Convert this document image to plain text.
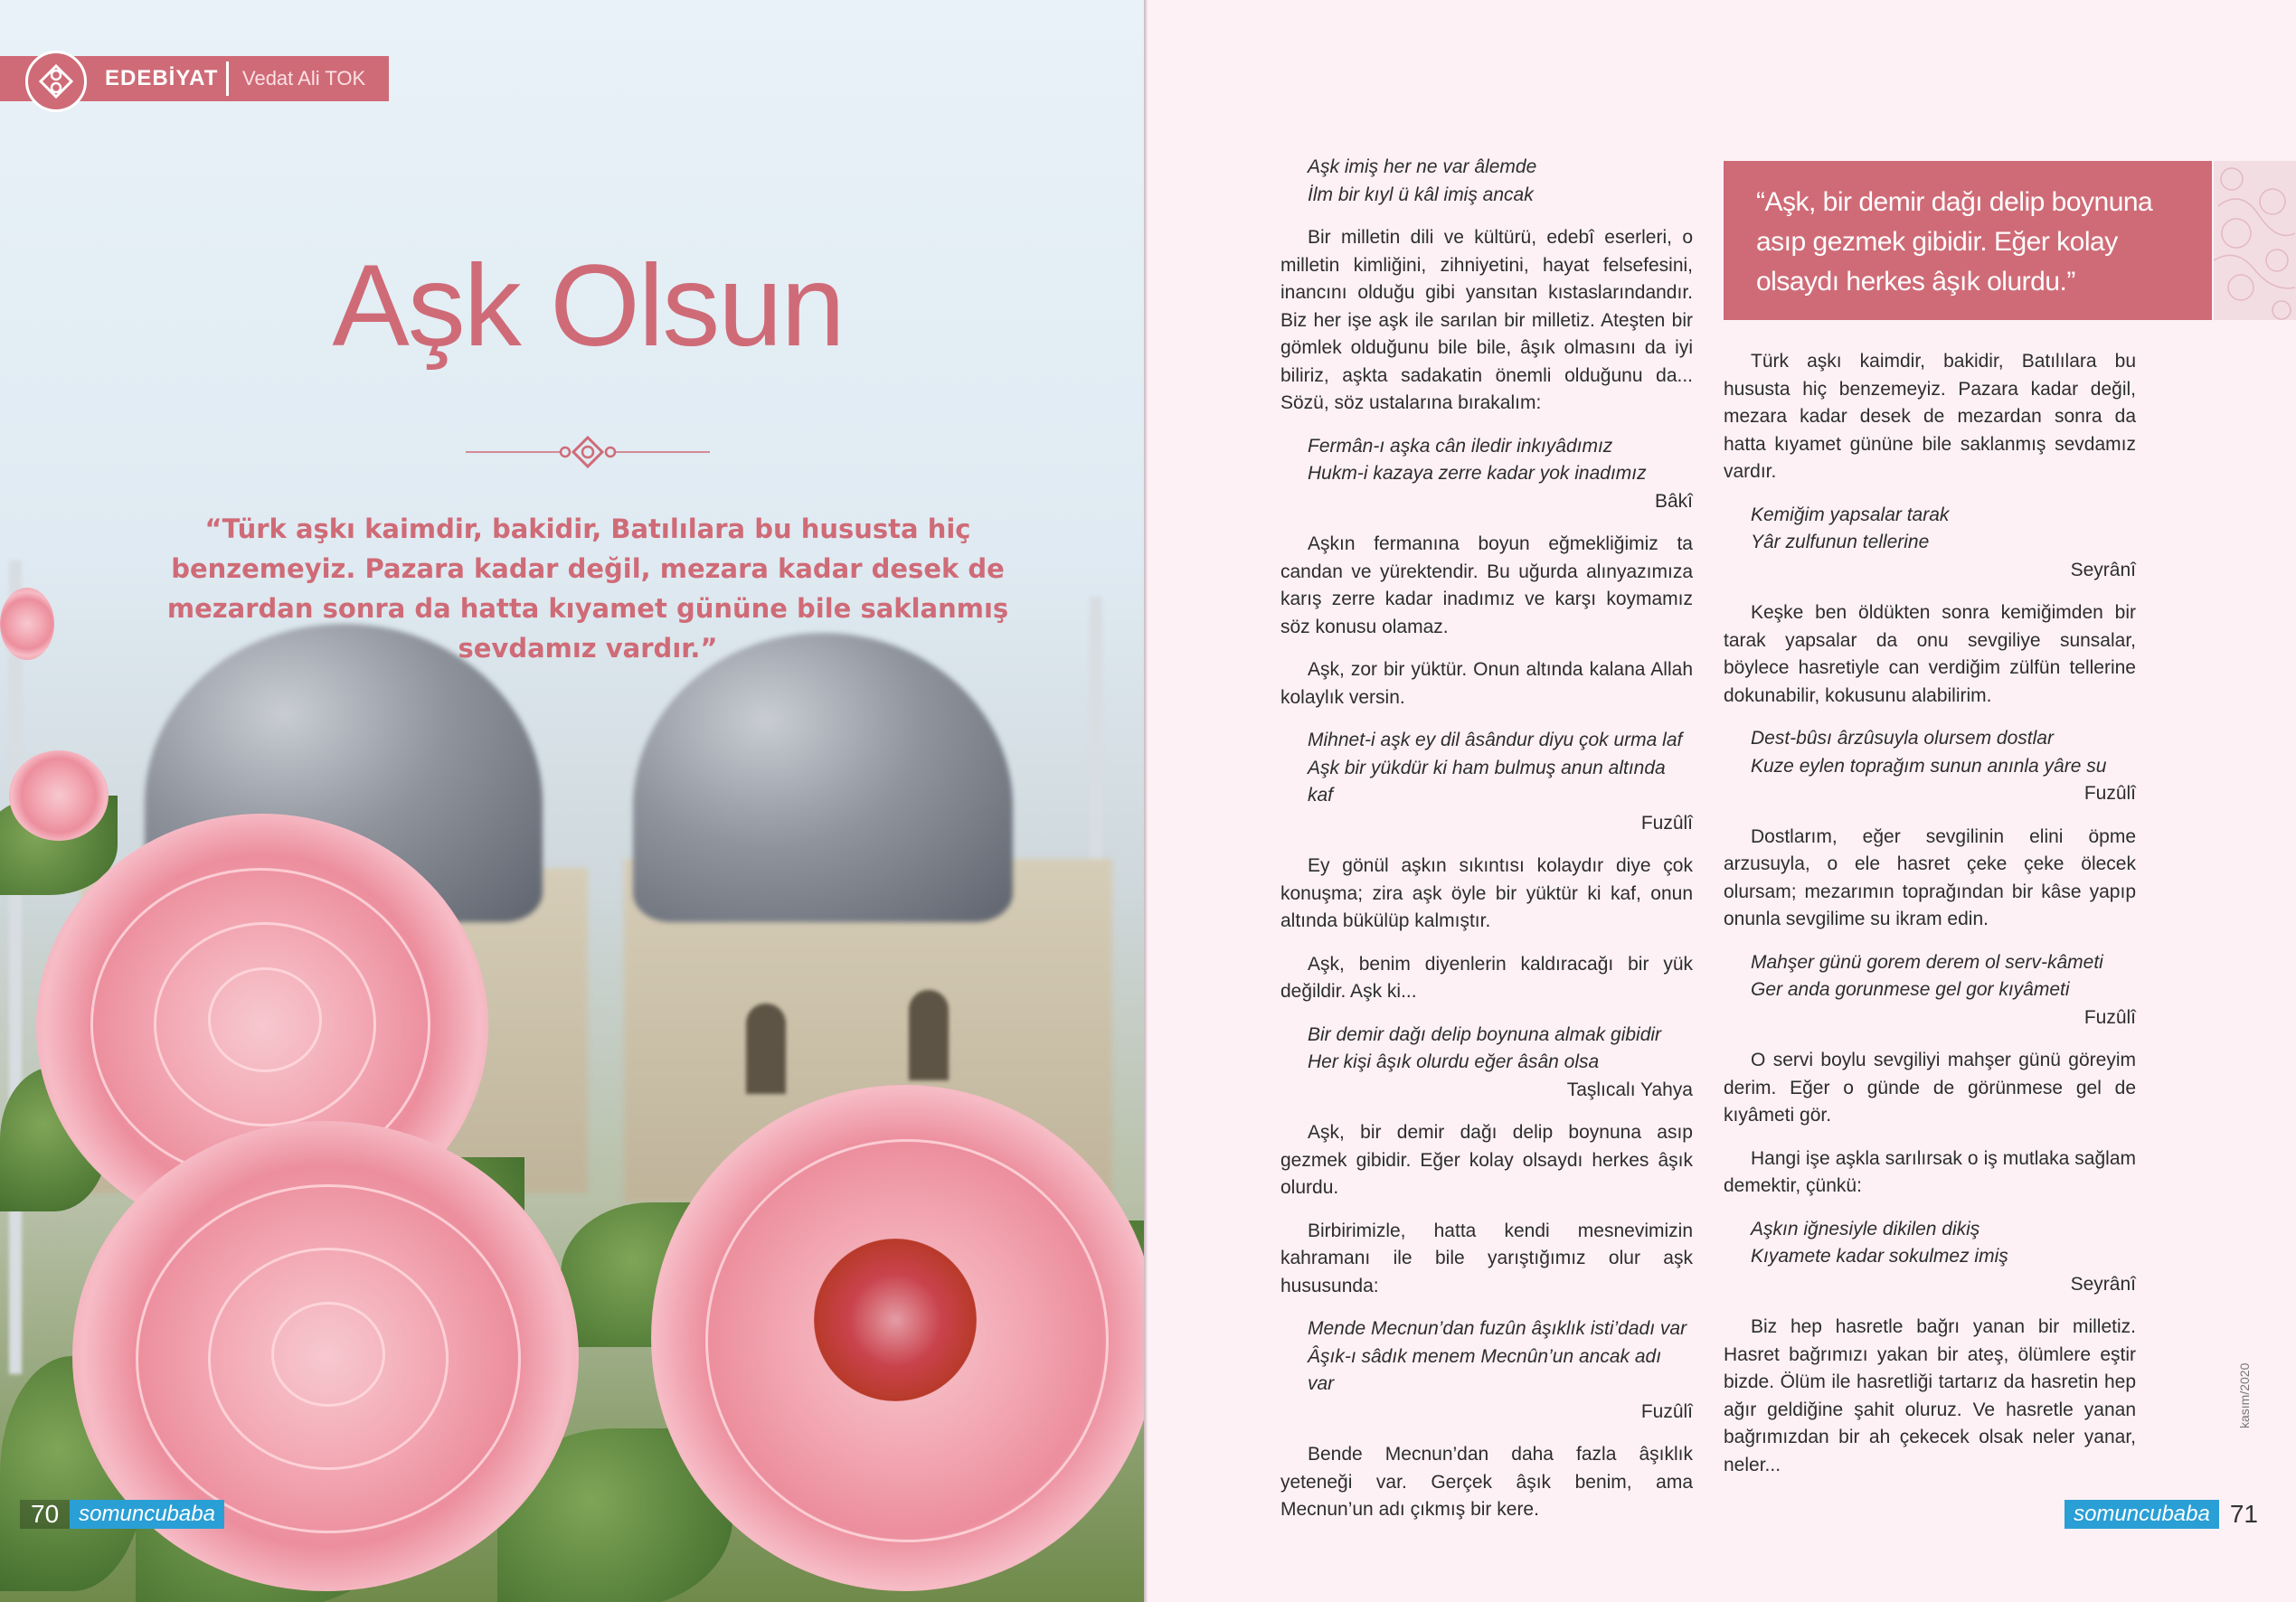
EDEBİYAT Vedat Ali TOK
Aşk Olsun
“Türk aşkı kaimdir, bakidir, Batılılara bu hususta hiç benzemeyiz. Pazara kadar değil, mezara kadar desek de mezardan sonra da hatta kıyamet gününe bile saklanmış sevdamız vardır.”
70 somuncubaba
Aşk imiş her ne var âlemde
İlm bir kıyl ü kâl imiş ancak

Bir milletin dili ve kültürü, edebî eserleri, o milletin kimliğini, zihniyetini, hayat felsefesini, inancını olduğu gibi yansıtan kıstaslarındandır. Biz her işe aşk ile sarılan bir milletiz. Ateşten bir gömlek olduğunu bile bile, âşık olmasını da iyi biliriz, aşkta sadakatin önemli olduğunu da... Sözü, söz ustalarına bırakalım:

Fermân-ı aşka cân iledir inkıyâdımız
Hukm-i kazaya zerre kadar yok inadımız
Bâkî

Aşkın fermanına boyun eğmekliğimiz ta candan ve yürektendir. Bu uğurda alınyazımıza karış zerre kadar inadımız ve karşı koymamız söz konusu olamaz.

Aşk, zor bir yüktür. Onun altında kalana Allah kolaylık versin.

Mihnet-i aşk ey dil âsândur diyu çok urma laf
Aşk bir yükdür ki ham bulmuş anun altında kaf
Fuzûlî

Ey gönül aşkın sıkıntısı kolaydır diye çok konuşma; zira aşk öyle bir yüktür ki kaf, onun altında bükülüp kalmıştır.

Aşk, benim diyenlerin kaldıracağı bir yük değildir. Aşk ki...

Bir demir dağı delip boynuna almak gibidir
Her kişi âşık olurdu eğer âsân olsa
Taşlıcalı Yahya

Aşk, bir demir dağı delip boynuna asıp gezmek gibidir. Eğer kolay olsaydı herkes âşık olurdu.

Birbirimizle, hatta kendi mesnevimizin kahramanı ile bile yarıştığımız olur aşk hususunda:

Mende Mecnun’dan fuzûn âşıklık isti’dadı var
Âşık-ı sâdık menem Mecnûn’un ancak adı var
Fuzûlî

Bende Mecnun’dan daha fazla âşıklık yeteneği var. Gerçek âşık benim, ama Mecnun’un adı çıkmış bir kere.

“Aşk, bir demir dağı delip boynuna asıp gezmek gibidir. Eğer kolay olsaydı herkes âşık olurdu.”

Türk aşkı kaimdir, bakidir, Batılılara bu hususta hiç benzemeyiz. Pazara kadar değil, mezara kadar desek de mezardan sonra da hatta kıyamet gününe bile saklanmış sevdamız vardır.

Kemiğim yapsalar tarak
Yâr zulfunun tellerine
Seyrânî

Keşke ben öldükten sonra kemiğimden bir tarak yapsalar da onu sevgiliye sunsalar, böylece hasretiyle can verdiğim zülfün tellerine dokunabilir, kokusunu alabilirim.

Dest-bûsı ârzûsuyla olursem dostlar
Kuze eylen toprağım sunun anınla yâre su
Fuzûlî

Dostlarım, eğer sevgilinin elini öpme arzusuyla, o ele hasret çeke çeke ölecek olursam; mezarımın toprağından bir kâse yapıp onunla sevgilime su ikram edin.

Mahşer günü gorem derem ol serv-kâmeti
Ger anda gorunmese gel gor kıyâmeti
Fuzûlî

O servi boylu sevgiliyi mahşer günü göreyim derim. Eğer o günde de görünmese gel de kıyâmeti gör.

Hangi işe aşkla sarılırsak o iş mutlaka sağlam demektir, çünkü:

Aşkın iğnesiyle dikilen dikiş
Kıyamete kadar sokulmez imiş
Seyrânî

Biz hep hasretle bağrı yanan bir milletiz. Hasret bağrımızı yakan bir ateş, ölümlere eştir bizde. Ölüm ile hasretliği tartarız da hasretin hep ağır geldiğine şahit oluruz. Ve hasretle yanan bağrımızdan bir ah çekecek olsak neler yanar, neler...

kasım/2020
somuncubaba 71
